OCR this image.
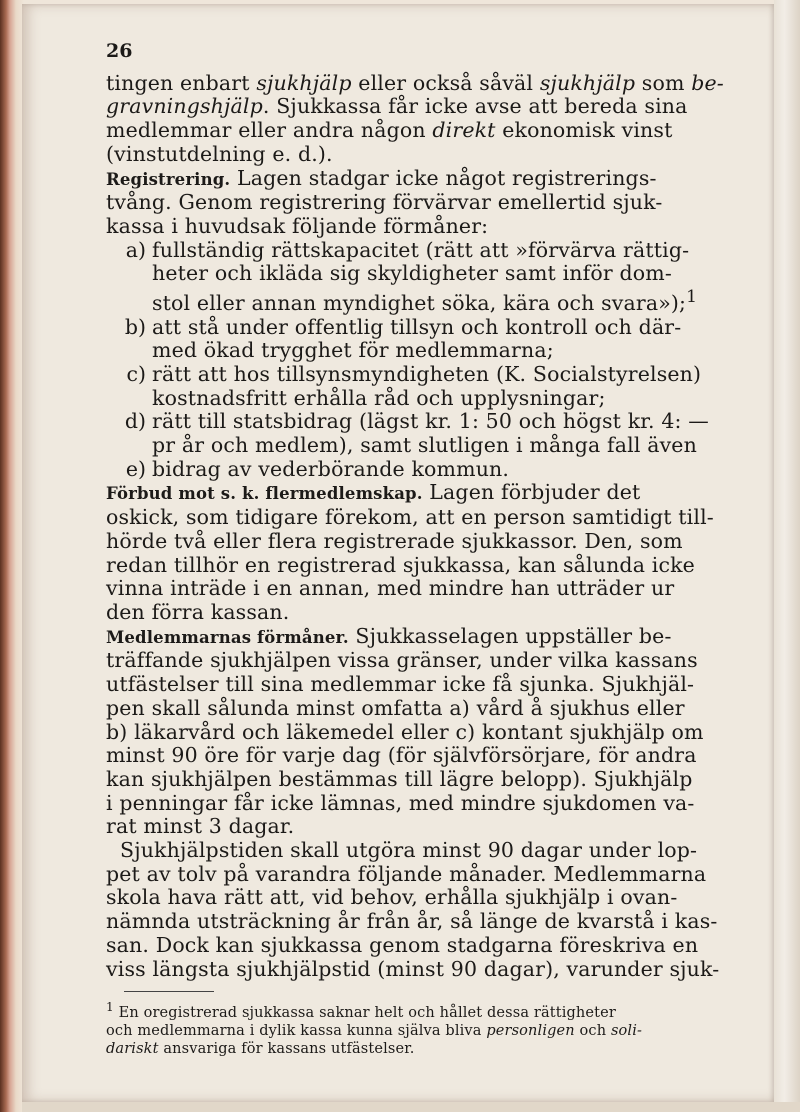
26
tingen enbart sjukhjälp eller också såväl sjukhjälp som be-
gravningshjälp. Sjukkassa får icke avse att bereda sina
medlemmar eller andra någon direkt ekonomisk vinst
(vinstutdelning e. d.).
Registrering. Lagen stadgar icke något registrerings-
tvång. Genom registrering förvärvar emellertid sjuk-
kassa i huvudsak följande förmåner:
a) fullständig rättskapacitet (rätt att »förvärva rättig-
heter och ikläda sig skyldigheter samt inför dom-
stol eller annan myndighet söka, kära och svara»);$^1$
b) att stå under offentlig tillsyn och kontroll och där-
med ökad trygghet för medlemmarna;
c) rätt att hos tillsynsmyndigheten (K. Socialstyrelsen)
kostnadsfritt erhålla råd och upplysningar;
d) rätt till statsbidrag (lägst kr. 1: 50 och högst kr. 4: —
pr år och medlem), samt slutligen i många fall även
e) bidrag av vederbörande kommun.
Förbud mot s. k. flermedlemskap. Lagen förbjuder det
oskick, som tidigare förekom, att en person samtidigt till-
hörde två eller flera registrerade sjukkassor. Den, som
redan tillhör en registrerad sjukkassa, kan sålunda icke
vinna inträde i en annan, med mindre han utträder ur
den förra kassan.
Medlemmarnas förmåner. Sjukkasselagen uppställer be-
träffande sjukhjälpen vissa gränser, under vilka kassans
utfästelser till sina medlemmar icke få sjunka. Sjukhjäl-
pen skall sålunda minst omfatta a) vård å sjukhus eller
b) läkarvård och läkemedel eller c) kontant sjukhjälp om
minst 90 öre för varje dag (för självförsörjare, för andra
kan sjukhjälpen bestämmas till lägre belopp). Sjukhjälp
i penningar får icke lämnas, med mindre sjukdomen va-
rat minst 3 dagar.
Sjukhjälpstiden skall utgöra minst 90 dagar under lop-
pet av tolv på varandra följande månader. Medlemmarna
skola hava rätt att, vid behov, erhålla sjukhjälp i ovan-
nämnda utsträckning år från år, så länge de kvarstå i kas-
san. Dock kan sjukkassa genom stadgarna föreskriva en
viss längsta sjukhjälpstid (minst 90 dagar), varunder sjuk-
$^1$ En oregistrerad sjukkassa saknar helt och hållet dessa rättigheter
och medlemmarna i dylik kassa kunna själva bliva personligen och soli-
dariskt ansvariga för kassans utfästelser.
